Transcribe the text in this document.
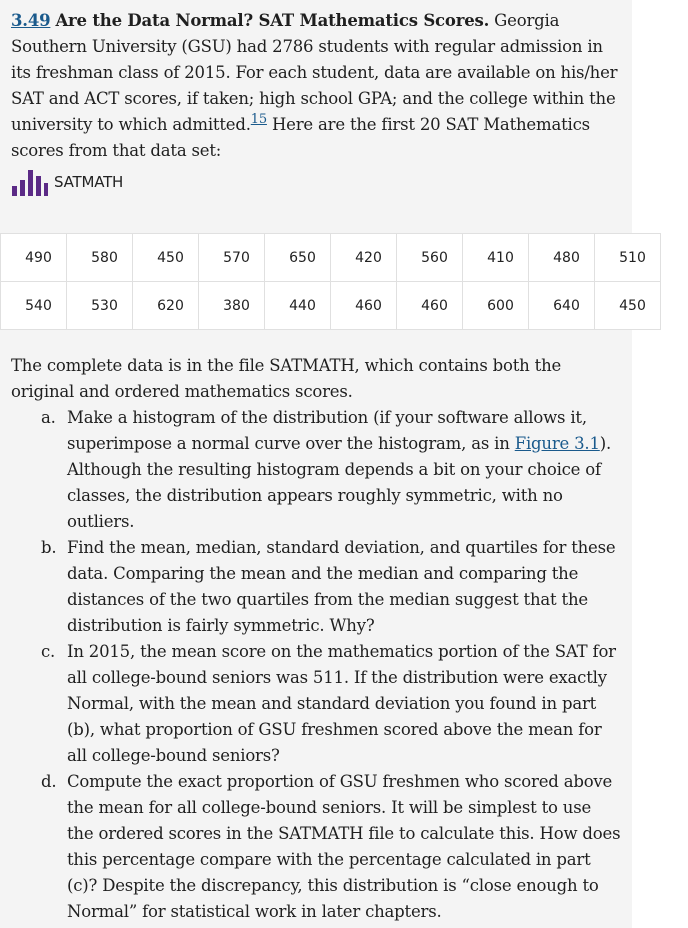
3.49 Are the Data Normal? SAT Mathematics Scores. Georgia Southern University (GSU) had 2786 students with regular admission in its freshman class of 2015. For each student, data are available on his/her SAT and ACT scores, if taken; high school GPA; and the college within the university to which admitted.$^{15}$ Here are the first 20 SAT Mathematics scores from that data set:
SATMATH
490	580	450	570	650	420	560	410	480	510
540	530	620	380	440	460	460	600	640	450
The complete data is in the file SATMATH, which contains both the original and ordered mathematics scores.
a. Make a histogram of the distribution (if your software allows it, superimpose a normal curve over the histogram, as in Figure 3.1). Although the resulting histogram depends a bit on your choice of classes, the distribution appears roughly symmetric, with no outliers.
b. Find the mean, median, standard deviation, and quartiles for these data. Comparing the mean and the median and comparing the distances of the two quartiles from the median suggest that the distribution is fairly symmetric. Why?
c. In 2015, the mean score on the mathematics portion of the SAT for all college-bound seniors was 511. If the distribution were exactly Normal, with the mean and standard deviation you found in part (b), what proportion of GSU freshmen scored above the mean for all college-bound seniors?
d. Compute the exact proportion of GSU freshmen who scored above the mean for all college-bound seniors. It will be simplest to use the ordered scores in the SATMATH file to calculate this. How does this percentage compare with the percentage calculated in part (c)? Despite the discrepancy, this distribution is “close enough to Normal” for statistical work in later chapters.
